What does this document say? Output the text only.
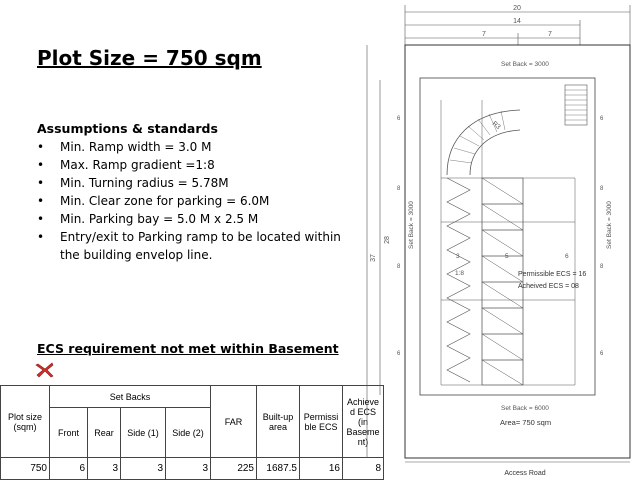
Plot Size = 750 sqm
Assumptions & standards
• Min. Ramp width = 3.0 M
• Max. Ramp gradient =1:8
• Min. Turning radius = 5.78M
• Min. Clear zone for parking = 6.0M
• Min. Parking bay = 5.0 M x 2.5 M
• Entry/exit to Parking ramp to be located within the building envelop line.
ECS requirement not met within Basement
Plot size (sqm)	Set Backs				FAR	Built-up area	Permissi ble ECS	Achieve d ECS (in Baseme nt)
	Front	Rear	Side (1)	Side (2)				
750	6	3	3	3	225	1687.5	16	8
20
14
7	7
37
28
Set Back = 3000
Set Back = 3000	Set Back = 3000
Set Back = 6000
6
8
8
6
6
8
8
6
R3
3	5	6
1:8	Permissible ECS = 16
Acheived ECS = 08
Area= 750 sqm
Access Road
